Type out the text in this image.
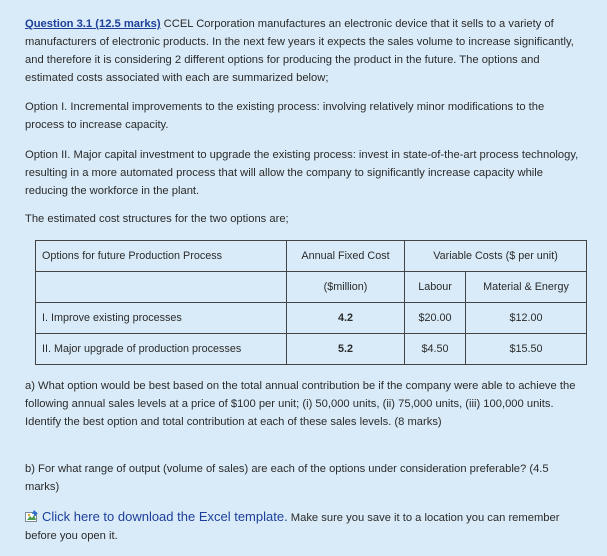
Question 3.1 (12.5 marks) CCEL Corporation manufactures an electronic device that it sells to a variety of manufacturers of electronic products. In the next few years it expects the sales volume to increase significantly, and therefore it is considering 2 different options for producing the product in the future. The options and estimated costs associated with each are summarized below;

Option I. Incremental improvements to the existing process: involving relatively minor modifications to the process to increase capacity.

Option II. Major capital investment to upgrade the existing process: invest in state-of-the-art process technology, resulting in a more automated process that will allow the company to significantly increase capacity while reducing the workforce in the plant.

The estimated cost structures for the two options are;

Options for future Production Process	Annual Fixed Cost	Variable Costs ($ per unit)	
	($million)	Labour	Material & Energy
I. Improve existing processes	4.2	$20.00	$12.00
II. Major upgrade of production processes	5.2	$4.50	$15.50

a) What option would be best based on the total annual contribution be if the company were able to achieve the following annual sales levels at a price of $100 per unit; (i) 50,000 units, (ii) 75,000 units, (iii) 100,000 units. Identify the best option and total contribution at each of these sales levels. (8 marks)

b) For what range of output (volume of sales) are each of the options under consideration preferable? (4.5 marks)

Click here to download the Excel template. Make sure you save it to a location you can remember before you open it.
